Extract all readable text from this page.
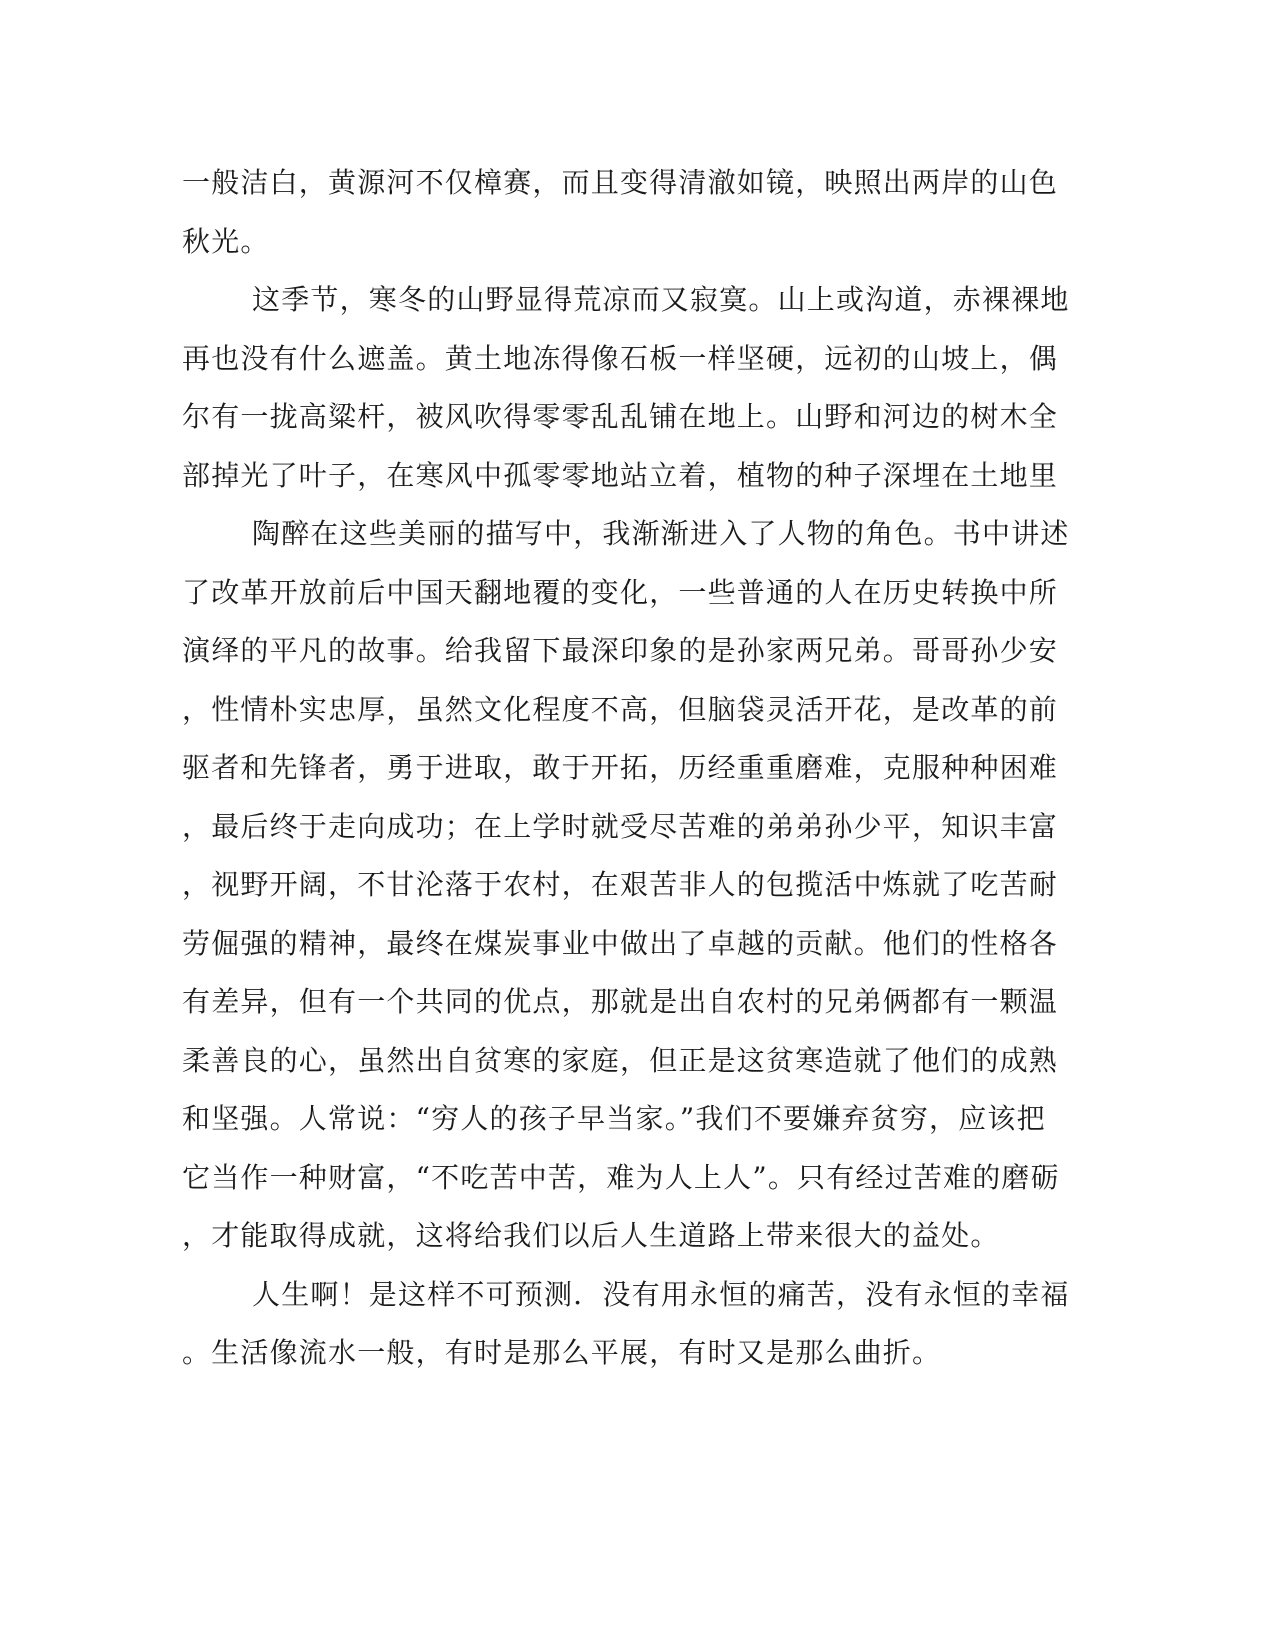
一般洁白，黄源河不仅樟赛，而且变得清澈如镜，映照出两岸的山色
秋光。
这季节，寒冬的山野显得荒凉而又寂寞。山上或沟道，赤裸裸地
再也没有什么遮盖。黄土地冻得像石板一样坚硬，远初的山坡上，偶
尔有一拢高粱杆，被风吹得零零乱乱铺在地上。山野和河边的树木全
部掉光了叶子，在寒风中孤零零地站立着，植物的种子深埋在土地里
陶醉在这些美丽的描写中，我渐渐进入了人物的角色。书中讲述
了改革开放前后中国天翻地覆的变化，一些普通的人在历史转换中所
演绎的平凡的故事。给我留下最深印象的是孙家两兄弟。哥哥孙少安
，性情朴实忠厚，虽然文化程度不高，但脑袋灵活开花，是改革的前
驱者和先锋者，勇于进取，敢于开拓，历经重重磨难，克服种种困难
，最后终于走向成功；在上学时就受尽苦难的弟弟孙少平，知识丰富
，视野开阔，不甘沦落于农村，在艰苦非人的包揽活中炼就了吃苦耐
劳倔强的精神，最终在煤炭事业中做出了卓越的贡献。他们的性格各
有差异，但有一个共同的优点，那就是出自农村的兄弟俩都有一颗温
柔善良的心，虽然出自贫寒的家庭，但正是这贫寒造就了他们的成熟
和坚强。人常说：“穷人的孩子早当家。”我们不要嫌弃贫穷，应该把
它当作一种财富，“不吃苦中苦，难为人上人”。只有经过苦难的磨砺
，才能取得成就，这将给我们以后人生道路上带来很大的益处。
人生啊！是这样不可预测．没有用永恒的痛苦，没有永恒的幸福
。生活像流水一般，有时是那么平展，有时又是那么曲折。
